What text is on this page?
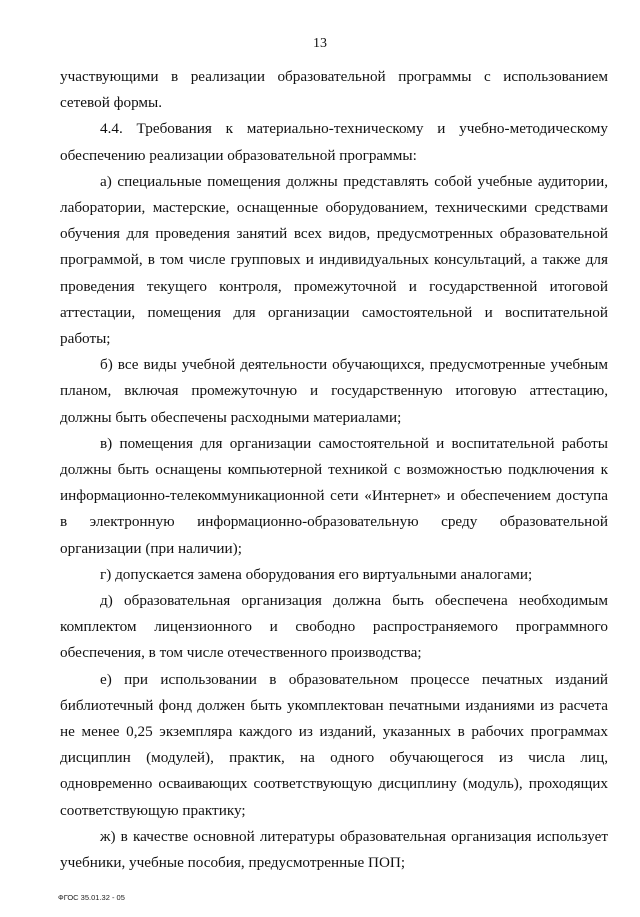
13

участвующими в реализации образовательной программы с использованием сетевой формы.

4.4. Требования к материально-техническому и учебно-методическому обеспечению реализации образовательной программы:

а) специальные помещения должны представлять собой учебные аудитории, лаборатории, мастерские, оснащенные оборудованием, техническими средствами обучения для проведения занятий всех видов, предусмотренных образовательной программой, в том числе групповых и индивидуальных консультаций, а также для проведения текущего контроля, промежуточной и государственной итоговой аттестации, помещения для организации самостоятельной и воспитательной работы;

б) все виды учебной деятельности обучающихся, предусмотренные учебным планом, включая промежуточную и государственную итоговую аттестацию, должны быть обеспечены расходными материалами;

в) помещения для организации самостоятельной и воспитательной работы должны быть оснащены компьютерной техникой с возможностью подключения к информационно-телекоммуникационной сети «Интернет» и обеспечением доступа в электронную информационно-образовательную среду образовательной организации (при наличии);

г) допускается замена оборудования его виртуальными аналогами;

д) образовательная организация должна быть обеспечена необходимым комплектом лицензионного и свободно распространяемого программного обеспечения, в том числе отечественного производства;

е) при использовании в образовательном процессе печатных изданий библиотечный фонд должен быть укомплектован печатными изданиями из расчета не менее 0,25 экземпляра каждого из изданий, указанных в рабочих программах дисциплин (модулей), практик, на одного обучающегося из числа лиц, одновременно осваивающих соответствующую дисциплину (модуль), проходящих соответствующую практику;

ж) в качестве основной литературы образовательная организация использует учебники, учебные пособия, предусмотренные ПОП;

ФГОС 35.01.32 - 05
